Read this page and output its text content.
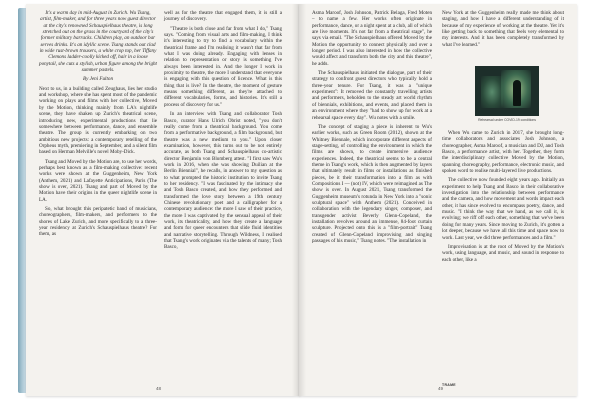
It's a warm day in mid-August in Zurich. Wu Tsang, artist, film-maker, and for three years now guest director at the city's renowned Schauspielhaus theatre, is long stretched out on the grass in the courtyard of the city's former military barracks. Children play, an outdoor bar serves drinks. It's an idyllic scene. Tsang stands out clad in wide rust-brown trousers, a white crop top, her Tiffany Clemons ladder-coolly kicked off, hair in a loose ponytail, she cuts a stylish, urban figure among the bright summer pastels.

By Jeni Fulton

Next to us, in a building called Zeughaus, lies her studio and workshop, where she has spent most of the pandemic working on plays and films with her collective, Moved by the Motion, thinking mainly from LA's nightlife scene, they have shaken up Zurich's theatrical scene, introducing new, experimental productions that lie somewhere between performance, dance, and ensemble theatre. The group is currently embarking on two ambitious new projects: a contemporary retelling of the Orpheus myth, premiering in September, and a silent film based on Herman Melville's novel Moby-Dick.

Tsang and Moved by the Motion are, to use her words, perhaps best known as a film-making collective: recent works were shown at the Guggenheim, New York (Anthem, 2021) and Lafayette Anticipations, Paris (The show is over, 2021). Tsang and part of Moved by the Motion have their origins in the queer nightlife scene in LA.

So, what brought this peripatetic band of musicians, choreographers, film-makers, and performers to the shores of Lake Zurich, and more specifically to a three-year residency at Zurich's Schauspielhaus theatre? For them, as

well as for the theatre that engaged them, it is still a journey of discovery.

"Theatre is both close and far from what I do," Tsang says. "Coming from visual arts and film-making, I think it's interesting to try to find a vocabulary within the theatrical frame and I'm realising it wasn't that far from what I was doing already. Engaging with lenses in relation to representation or story is something I've always been interested in. And the longer I work in proximity to theatre, the more I understand that everyone is engaging with this question of licence. What is this thing that is live? In the theatre, the moment of gesture means something different, as they're attached to different vocabularies, forms, and histories. It's still a process of discovery for us."

In an interview with Tsang and collaborator Tosh Basco, curator Hans Ulrich Obrist noted, "you don't really come from a theatrical background. You come from a performative background, a film background, but theatre was a new medium to you." Upon closer examination, however, this turns out to be not entirely accurate, as both Tsang and Schauspielhaus co-artistic director Benjamin von Blomberg attest. "I first saw Wu's work in 2016, when she was showing Duilian at the Berlin Biennial", he recalls, in answer to my question as to what prompted the historic institution to invite Tsang to her residency. "I was fascinated by the intimacy she and Tosh Basco created, and how they performed and transformed the love story between a 19th century Chinese revolutionary poet and a calligrapher for a contemporary audience: the more I saw of their practice, the more I was captivated by the sensual appeal of their work, its theatricality, and how they create a language and form for queer encounters that slide fluid identities and narrative storytelling. Through Wildness, I realised that Tsang's work originates via the talents of many; Tosh Basco,

48

Asma Maroof, Josh Johnson, Patrick Belaga, Fred Moten – to name a few. Her works often originate in performance, dance, or a night spent at a club, all of which are live moments. It's not far from a theatrical stage", he says via email. "The Schauspielhaus offered Moved by the Motion the opportunity to connect physically and over a longer period. I was also interested in how the collective would affect and transform both the city and this theatre", he adds.

The Schauspielhaus initiated the dialogue, part of their strategy to confront guest directors who typically hold a three-year tenure. For Tsang, it was a "unique experiment": It removed the constantly travelling artists and performers, beholden to the steady art world rhythm of biennials, exhibitions, and events, and placed them in an environment where they "had to show up for work at a rehearsal space every day". Wu notes with a smile.

The concept of staging a piece is inherent to Wu's earlier works, such as Green Room (2012), shown at the Whitney Biennale, which incorporate different aspects of stage-setting, of controlling the environment in which the films are shown, to create immersive audience experiences. Indeed, the theatrical seems to be a central theme in Tsang's work, which is then augmented by layers that ultimately result in films or installations as finished pieces, be it their transformation into a film as with Compositions I — (not) IV, which were reimagined as The show is over. In August 2021, Tsang transformed the Guggenheim museum's rotunda in New York into a "sonic sculptural space" with Anthem (2021). Conceived in collaboration with the legendary singer, composer, and transgender activist Beverly Glenn-Copeland, the installation revolves around an immense, 84-foot curtain sculpture. Projected onto this is a "film-portrait" Tsang created of Glenn-Copeland improvising and singing passages of his music," Tsang notes. "The installation in

New York at the Guggenheim really made me think about staging, and how I have a different understanding of it because of my experience of working at the theatre. Yet it's like getting back to something that feels very elemental to my interests. And it has been completely transformed by what I've learned."

Rehearsal under COVID-19 conditions

When Wu came to Zurich in 2017, she brought long-time collaborators and associates Josh Johnson, a choreographer, Asma Maroof, a musician and DJ, and Tosh Basco, a performance artist, with her. Together, they form the interdisciplinary collective Moved by the Motion, spanning choreography, performance, electronic music, and spoken word to realise multi-layered live productions.

The collective now founded eight years ago. Initially an experiment to help Tsang and Basco in their collaborative investigation into the relationship between performance and the camera, and how movement and words impact each other, it has since evolved to encompass poetry, dance, and music. "I think the way that we hand, as we call it, is evolving; we riff off each other, something that we've been doing for many years. Since moving to Zurich, it's gotten a lot deeper, because we have all this time and space now to work. Last year, we did three performances and a film."

Improvisation is at the root of Moved by the Motion's work, using language, and music, and sound in response to each other, like a

TRAME
49
